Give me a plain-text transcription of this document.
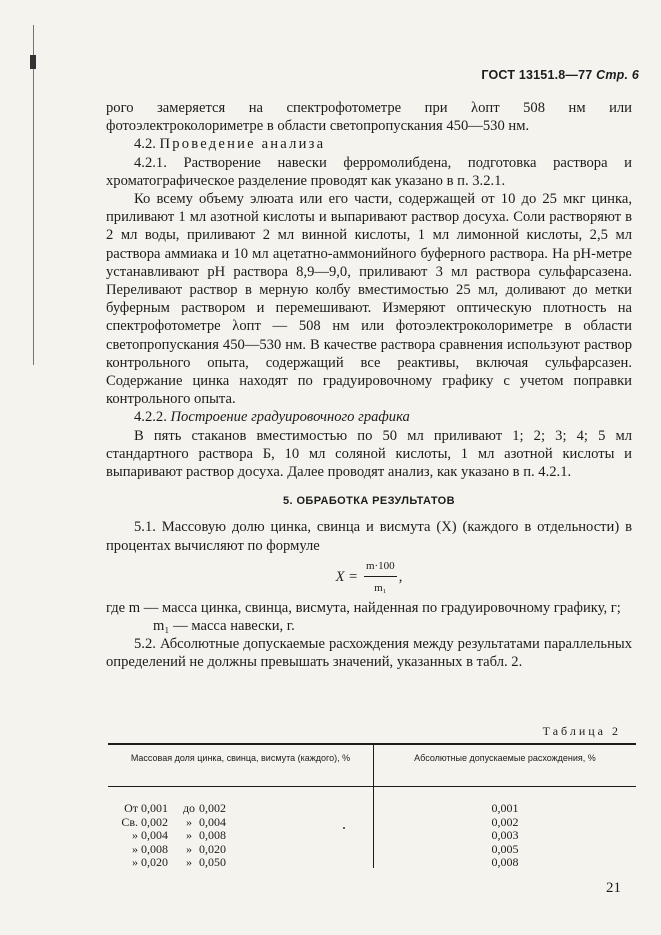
ГОСТ 13151.8—77 Стр. 6

рого замеряется на спектрофотометре при λопт 508 нм или фотоэлектроколориметре в области светопропускания 450—530 нм.

4.2. Проведение анализа

4.2.1. Растворение навески ферромолибдена, подготовка раствора и хроматографическое разделение проводят как указано в п. 3.2.1.

Ко всему объему элюата или его части, содержащей от 10 до 25 мкг цинка, приливают 1 мл азотной кислоты и выпаривают раствор досуха. Соли растворяют в 2 мл воды, приливают 2 мл винной кислоты, 1 мл лимонной кислоты, 2,5 мл раствора аммиака и 10 мл ацетатно-аммонийного буферного раствора. На pH-метре устанавливают pH раствора 8,9—9,0, приливают 3 мл раствора сульфарсазена. Переливают раствор в мерную колбу вместимостью 25 мл, доливают до метки буферным раствором и перемешивают. Измеряют оптическую плотность на спектрофотометре λопт — 508 нм или фотоэлектроколориметре в области светопропускания 450—530 нм. В качестве раствора сравнения используют раствор контрольного опыта, содержащий все реактивы, включая сульфарсазен. Содержание цинка находят по градуировочному графику с учетом поправки контрольного опыта.

4.2.2. Построение градуировочного графика

В пять стаканов вместимостью по 50 мл приливают 1; 2; 3; 4; 5 мл стандартного раствора Б, 10 мл соляной кислоты, 1 мл азотной кислоты и выпаривают раствор досуха. Далее проводят анализ, как указано в п. 4.2.1.

5. ОБРАБОТКА РЕЗУЛЬТАТОВ

5.1. Массовую долю цинка, свинца и висмута (X) (каждого в отдельности) в процентах вычисляют по формуле

$X = \frac{m\cdot 100}{\text{m₁}}$ ,

где m — масса цинка, свинца, висмута, найденная по градуировочному графику, г;

m₁ — масса навески, г.

5.2. Абсолютные допускаемые расхождения между результатами параллельных определений не должны превышать значений, указанных в табл. 2.

Таблица 2
Массовая доля цинка, свинца, висмута (каждого), %	Абсолютные допускаемые расхождения, %
От 0,001 до 0,002
Св. 0,002 » 0,004
» 0,004 » 0,008
» 0,008 » 0,020
» 0,020 » 0,050
0,001
0,002
0,003
0,005
0,008
21
